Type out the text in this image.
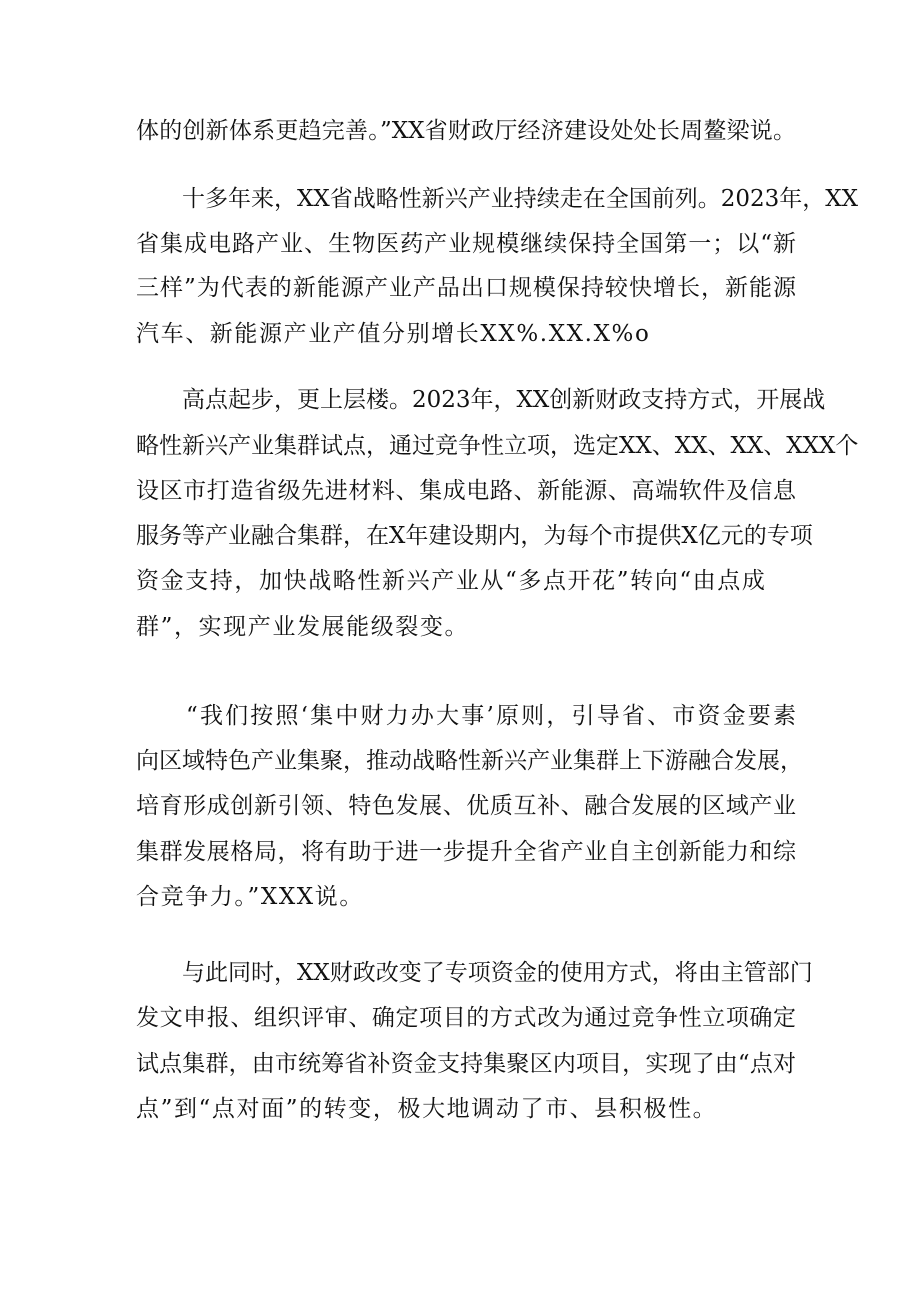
体的创新体系更趋完善。”XX省财政厅经济建设处处长周鳌梁说。

十多年来，XX省战略性新兴产业持续走在全国前列。2023年，XX

省集成电路产业、生物医药产业规模继续保持全国第一；以“新

三样”为代表的新能源产业产品出口规模保持较快增长，新能源

汽车、新能源产业产值分别增长XX%.XX.X%o

高点起步，更上层楼。2023年，XX创新财政支持方式，开展战

略性新兴产业集群试点，通过竞争性立项，选定XX、XX、XX、XXX个

设区市打造省级先进材料、集成电路、新能源、高端软件及信息

服务等产业融合集群，在X年建设期内，为每个市提供X亿元的专项

资金支持，加快战略性新兴产业从“多点开花”转向“由点成

群”，实现产业发展能级裂变。

“我们按照‘集中财力办大事’原则，引导省、市资金要素

向区域特色产业集聚，推动战略性新兴产业集群上下游融合发展，

培育形成创新引领、特色发展、优质互补、融合发展的区域产业

集群发展格局，将有助于进一步提升全省产业自主创新能力和综

合竞争力。”XXX说。

与此同时，XX财政改变了专项资金的使用方式，将由主管部门

发文申报、组织评审、确定项目的方式改为通过竞争性立项确定

试点集群，由市统筹省补资金支持集聚区内项目，实现了由“点对

点”到“点对面”的转变，极大地调动了市、县积极性。
